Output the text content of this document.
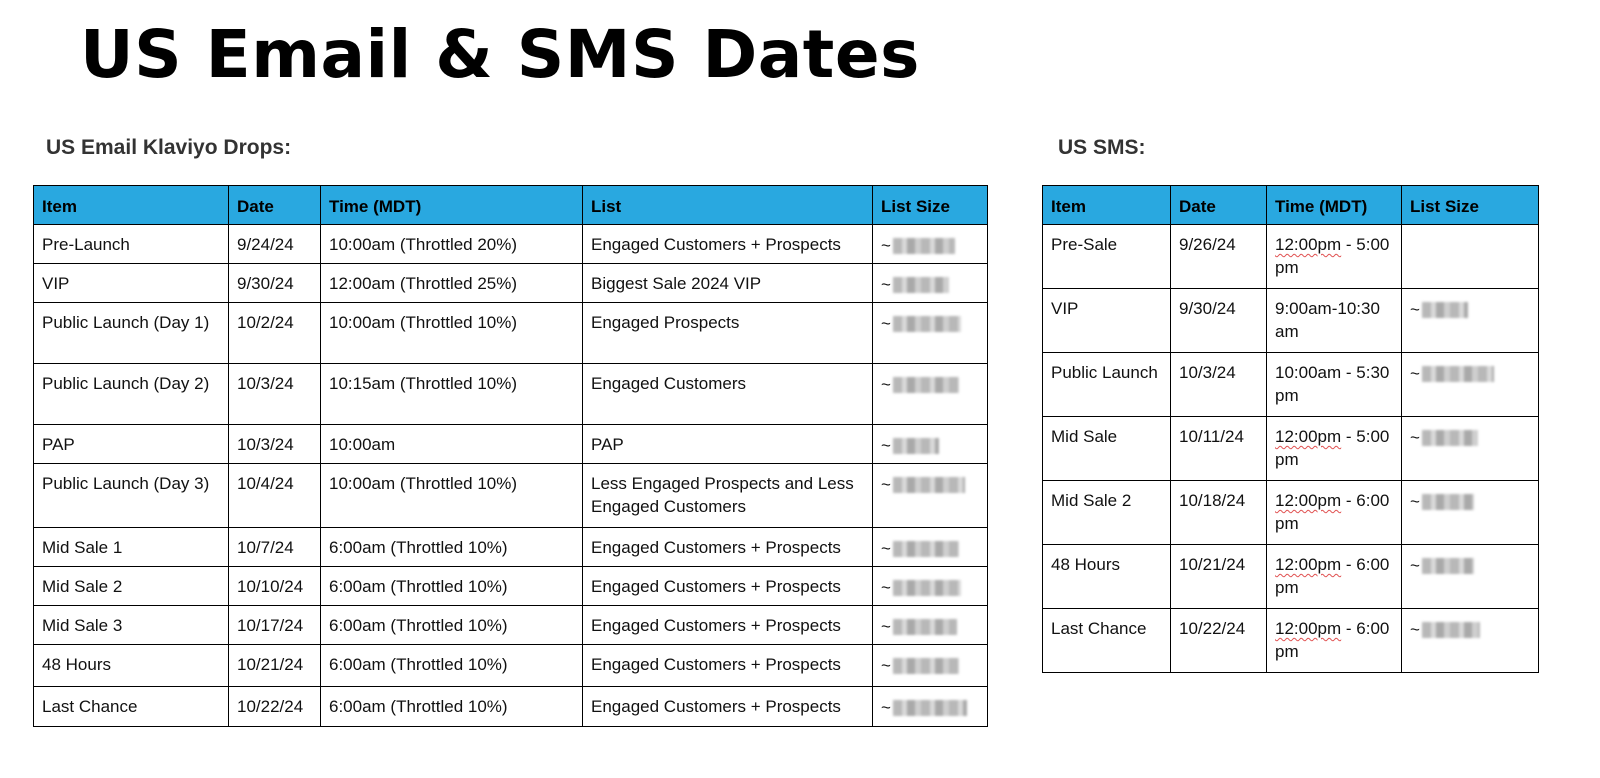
US Email & SMS Dates
US Email Klaviyo Drops:	US SMS:
Item	Date	Time (MDT)	List	List Size
Pre-Launch	9/24/24	10:00am (Throttled 20%)	Engaged Customers + Prospects	~
VIP	9/30/24	12:00am (Throttled 25%)	Biggest Sale 2024 VIP	~
Public Launch (Day 1)	10/2/24	10:00am (Throttled 10%)	Engaged Prospects	~
Public Launch (Day 2)	10/3/24	10:15am (Throttled 10%)	Engaged Customers	~
PAP	10/3/24	10:00am	PAP	~
Public Launch (Day 3)	10/4/24	10:00am (Throttled 10%)	Less Engaged Prospects and Less Engaged Customers	~
Mid Sale 1	10/7/24	6:00am (Throttled 10%)	Engaged Customers + Prospects	~
Mid Sale 2	10/10/24	6:00am (Throttled 10%)	Engaged Customers + Prospects	~
Mid Sale 3	10/17/24	6:00am (Throttled 10%)	Engaged Customers + Prospects	~
48 Hours	10/21/24	6:00am (Throttled 10%)	Engaged Customers + Prospects	~
Last Chance	10/22/24	6:00am (Throttled 10%)	Engaged Customers + Prospects	~
Item	Date	Time (MDT)	List Size
Pre-Sale	9/26/24	12:00pm - 5:00 pm	
VIP	9/30/24	9:00am-10:30 am	~
Public Launch	10/3/24	10:00am - 5:30 pm	~
Mid Sale	10/11/24	12:00pm - 5:00 pm	~
Mid Sale 2	10/18/24	12:00pm - 6:00 pm	~
48 Hours	10/21/24	12:00pm - 6:00 pm	~
Last Chance	10/22/24	12:00pm - 6:00 pm	~
